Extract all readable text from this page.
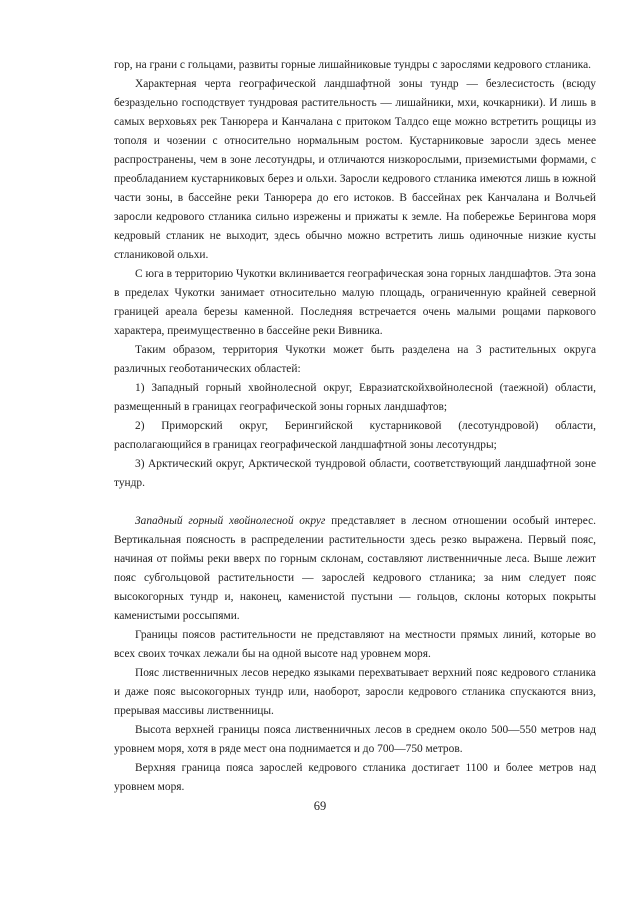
гор, на грани с гольцами, развиты горные лишайниковые тундры с зарослями кедрового стланика.

Характерная черта географической ландшафтной зоны тундр — безлесистость (всюду безраздельно господствует тундровая растительность — лишайники, мхи, кочкарники). И лишь в самых верховьях рек Танюрера и Канчалана с притоком Талдсо еще можно встретить рощицы из тополя и чозении с относительно нормальным ростом. Кустарниковые заросли здесь менее распространены, чем в зоне лесотундры, и отличаются низкорослыми, приземистыми формами, с преобладанием кустарниковых берез и ольхи. Заросли кедрового стланика имеются лишь в южной части зоны, в бассейне реки Танюрера до его истоков. В бассейнах рек Канчалана и Волчьей заросли кедрового стланика сильно изрежены и прижаты к земле. На побережье Берингова моря кедровый стланик не выходит, здесь обычно можно встретить лишь одиночные низкие кусты стланиковой ольхи.

С юга в территорию Чукотки вклинивается географическая зона горных ландшафтов. Эта зона в пределах Чукотки занимает относительно малую площадь, ограниченную крайней северной границей ареала березы каменной. Последняя встречается очень малыми рощами паркового характера, преимущественно в бассейне реки Вивника.

Таким образом, территория Чукотки может быть разделена на 3 растительных округа различных геоботанических областей:

1) Западный горный хвойнолесной округ, Евразиатскойхвойнолесной (таежной) области, размещенный в границах географической зоны горных ландшафтов;

2) Приморский округ, Берингийской кустарниковой (лесотундровой) области, располагающийся в границах географической ландшафтной зоны лесотундры;

3) Арктический округ, Арктической тундровой области, соответствующий ландшафтной зоне тундр.

Западный горный хвойнолесной округ представляет в лесном отношении особый интерес. Вертикальная поясность в распределении растительности здесь резко выражена. Первый пояс, начиная от поймы реки вверх по горным склонам, составляют лиственничные леса. Выше лежит пояс субгольцовой растительности — зарослей кедрового стланика; за ним следует пояс высокогорных тундр и, наконец, каменистой пустыни — гольцов, склоны которых покрыты каменистыми россыпями.

Границы поясов растительности не представляют на местности прямых линий, которые во всех своих точках лежали бы на одной высоте над уровнем моря.

Пояс лиственничных лесов нередко языками перехватывает верхний пояс кедрового стланика и даже пояс высокогорных тундр или, наоборот, заросли кедрового стланика спускаются вниз, прерывая массивы лиственницы.

Высота верхней границы пояса лиственничных лесов в среднем около 500—550 метров над уровнем моря, хотя в ряде мест она поднимается и до 700—750 метров.

Верхняя граница пояса зарослей кедрового стланика достигает 1100 и более метров над уровнем моря.

69
